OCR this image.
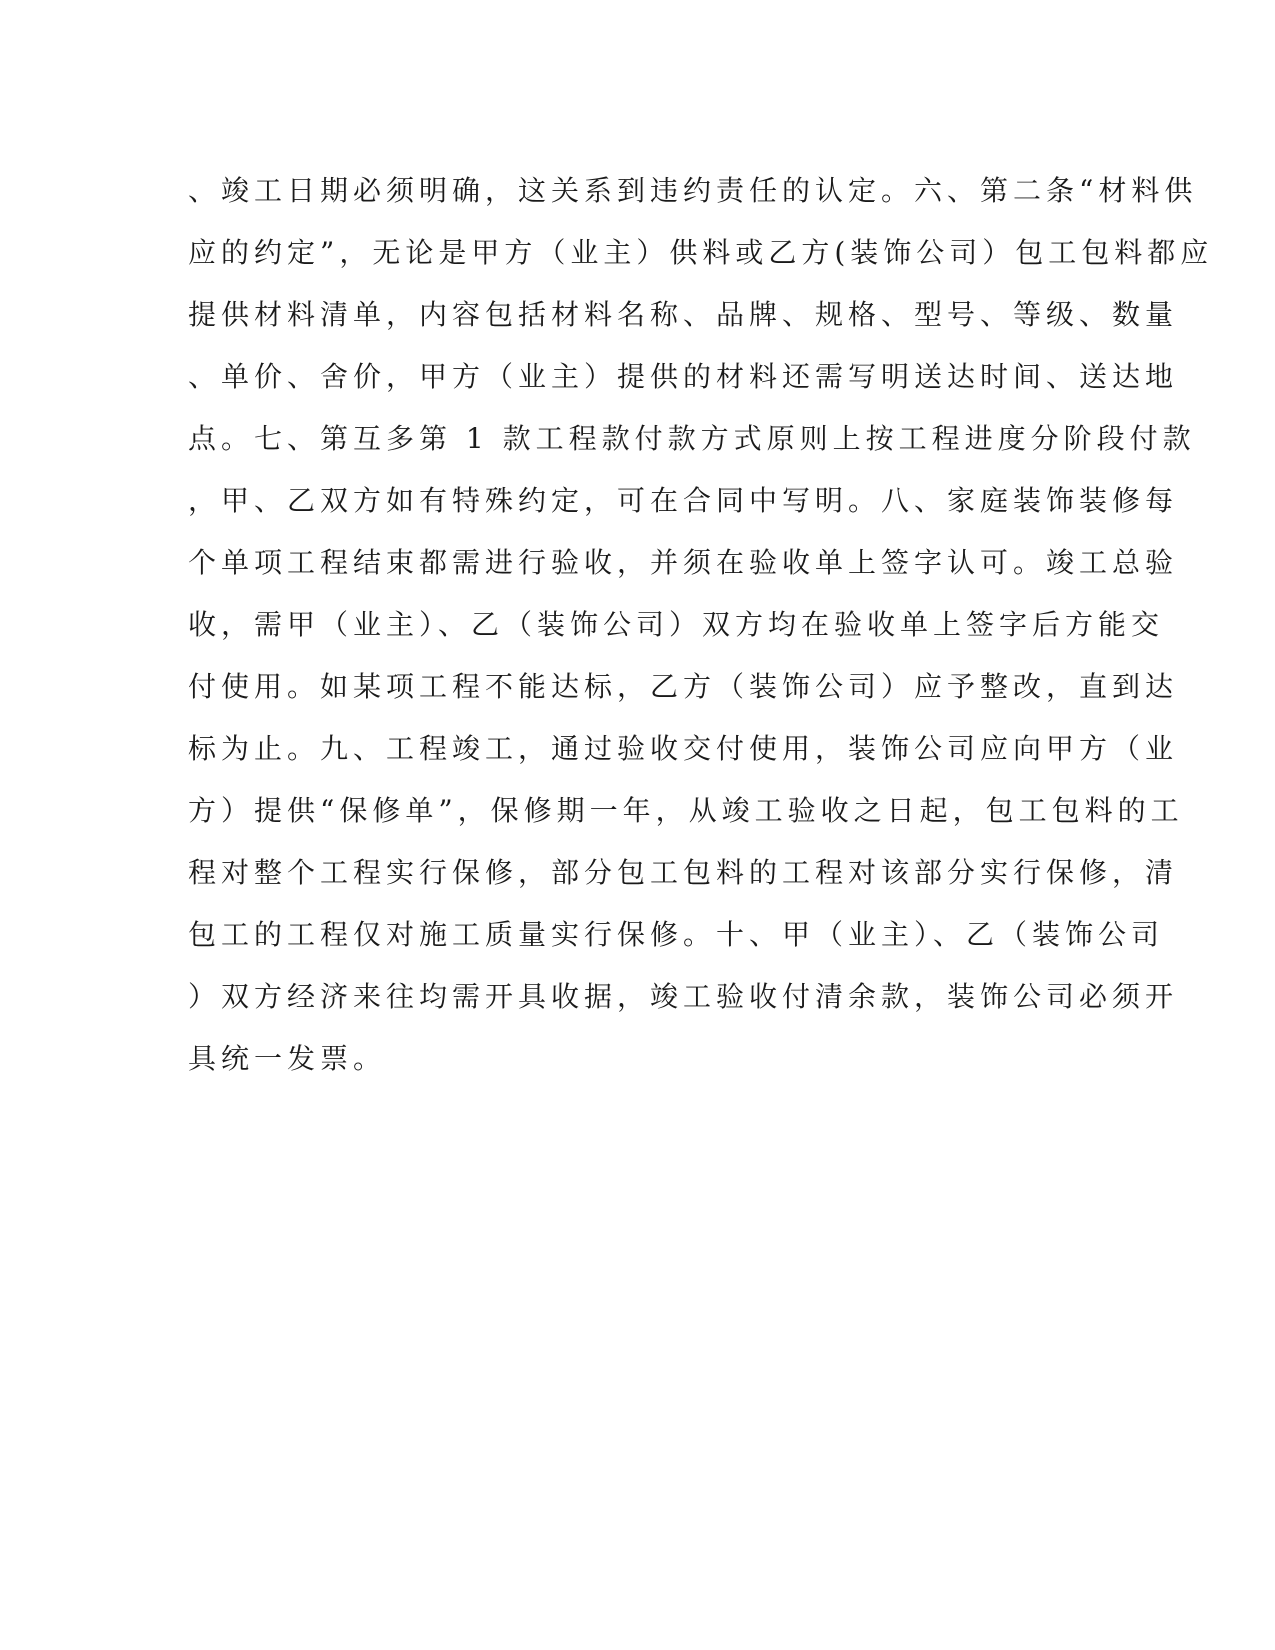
、竣工日期必须明确，这关系到违约责任的认定。六、第二条“材料供
应的约定”，无论是甲方（业主）供料或乙方(装饰公司）包工包料都应
提供材料清单，内容包括材料名称、品牌、规格、型号、等级、数量
、单价、舍价，甲方（业主）提供的材料还需写明送达时间、送达地
点。七、第互多第 1 款工程款付款方式原则上按工程进度分阶段付款
，甲、乙双方如有特殊约定，可在合同中写明。八、家庭装饰装修每
个单项工程结束都需进行验收，并须在验收单上签字认可。竣工总验
收，需甲（业主）、乙（装饰公司）双方均在验收单上签字后方能交
付使用。如某项工程不能达标，乙方（装饰公司）应予整改，直到达
标为止。九、工程竣工，通过验收交付使用，装饰公司应向甲方（业
方）提供“保修单”，保修期一年，从竣工验收之日起，包工包料的工
程对整个工程实行保修，部分包工包料的工程对该部分实行保修，清
包工的工程仅对施工质量实行保修。十、甲（业主）、乙（装饰公司
）双方经济来往均需开具收据，竣工验收付清余款，装饰公司必须开
具统一发票。
